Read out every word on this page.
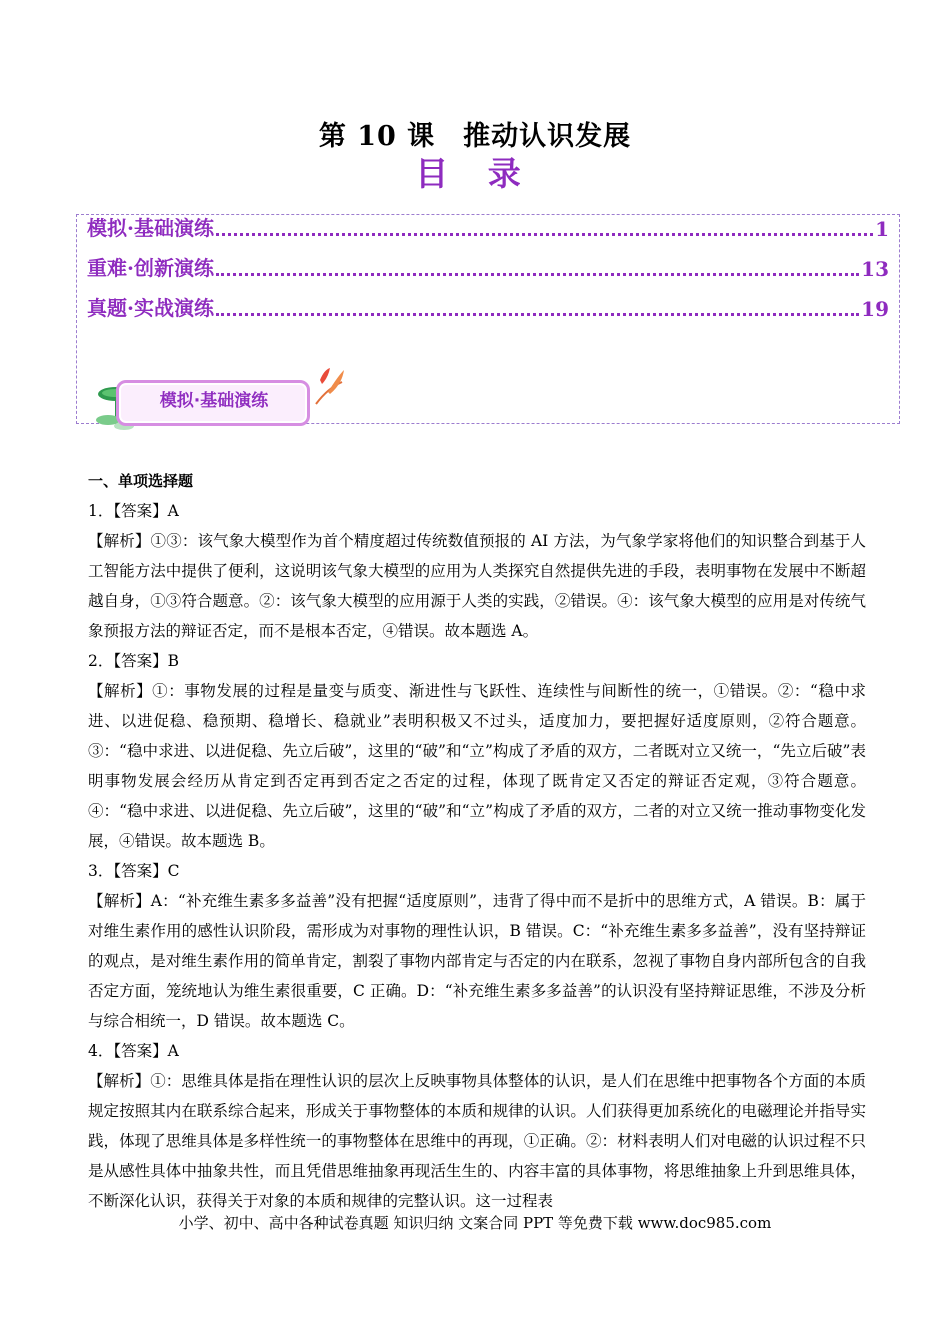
第 10 课　推动认识发展
目 录
模拟·基础演练	1
重难·创新演练	13
真题·实战演练	19
模拟·基础演练

一、单项选择题

1．【答案】A

【解析】①③：该气象大模型作为首个精度超过传统数值预报的 AI 方法，为气象学家将他们的知识整合到基于人工智能方法中提供了便利，这说明该气象大模型的应用为人类探究自然提供先进的手段，表明事物在发展中不断超越自身，①③符合题意。②：该气象大模型的应用源于人类的实践，②错误。④：该气象大模型的应用是对传统气象预报方法的辩证否定，而不是根本否定，④错误。故本题选 A。

2．【答案】B

【解析】①：事物发展的过程是量变与质变、渐进性与飞跃性、连续性与间断性的统一，①错误。②：“稳中求进、以进促稳、稳预期、稳增长、稳就业”表明积极又不过头，适度加力，要把握好适度原则，②符合题意。③：“稳中求进、以进促稳、先立后破”，这里的“破”和“立”构成了矛盾的双方，二者既对立又统一，“先立后破”表明事物发展会经历从肯定到否定再到否定之否定的过程，体现了既肯定又否定的辩证否定观，③符合题意。④：“稳中求进、以进促稳、先立后破”，这里的“破”和“立”构成了矛盾的双方，二者的对立又统一推动事物变化发展，④错误。故本题选 B。

3．【答案】C

【解析】A：“补充维生素多多益善”没有把握“适度原则”，违背了得中而不是折中的思维方式，A 错误。B：属于对维生素作用的感性认识阶段，需形成为对事物的理性认识，B 错误。C：“补充维生素多多益善”，没有坚持辩证的观点，是对维生素作用的简单肯定，割裂了事物内部肯定与否定的内在联系，忽视了事物自身内部所包含的自我否定方面，笼统地认为维生素很重要，C 正确。D：“补充维生素多多益善”的认识没有坚持辩证思维，不涉及分析与综合相统一，D 错误。故本题选 C。

4．【答案】A

【解析】①：思维具体是指在理性认识的层次上反映事物具体整体的认识，是人们在思维中把事物各个方面的本质规定按照其内在联系综合起来，形成关于事物整体的本质和规律的认识。人们获得更加系统化的电磁理论并指导实践，体现了思维具体是多样性统一的事物整体在思维中的再现，①正确。②：材料表明人们对电磁的认识过程不只是从感性具体中抽象共性，而且凭借思维抽象再现活生生的、内容丰富的具体事物，将思维抽象上升到思维具体，不断深化认识，获得关于对象的本质和规律的完整认识。这一过程表

小学、初中、高中各种试卷真题 知识归纳 文案合同 PPT 等免费下载 www.doc985.com
